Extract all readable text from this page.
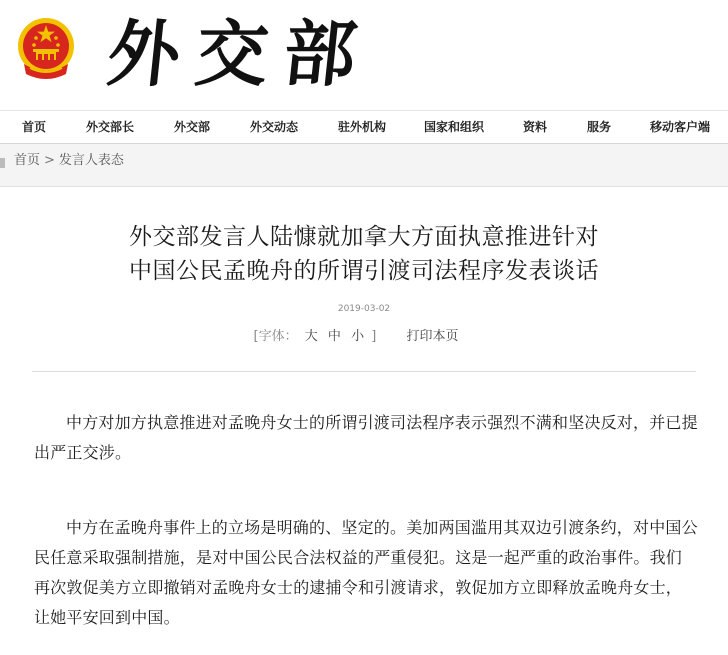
外交部
首页	外交部长	外交部	外交动态	驻外机构	国家和组织	资料	服务	移动客户端
首页 > 发言人表态
外交部发言人陆慷就加拿大方面执意推进针对
中国公民孟晚舟的所谓引渡司法程序发表谈话
2019-03-02
[字体： 大 中 小 ] 打印本页

中方对加方执意推进对孟晚舟女士的所谓引渡司法程序表示强烈不满和坚决反对，并已提出严正交涉。

中方在孟晚舟事件上的立场是明确的、坚定的。美加两国滥用其双边引渡条约，对中国公民任意采取强制措施，是对中国公民合法权益的严重侵犯。这是一起严重的政治事件。我们再次敦促美方立即撤销对孟晚舟女士的逮捕令和引渡请求，敦促加方立即释放孟晚舟女士，让她平安回到中国。
